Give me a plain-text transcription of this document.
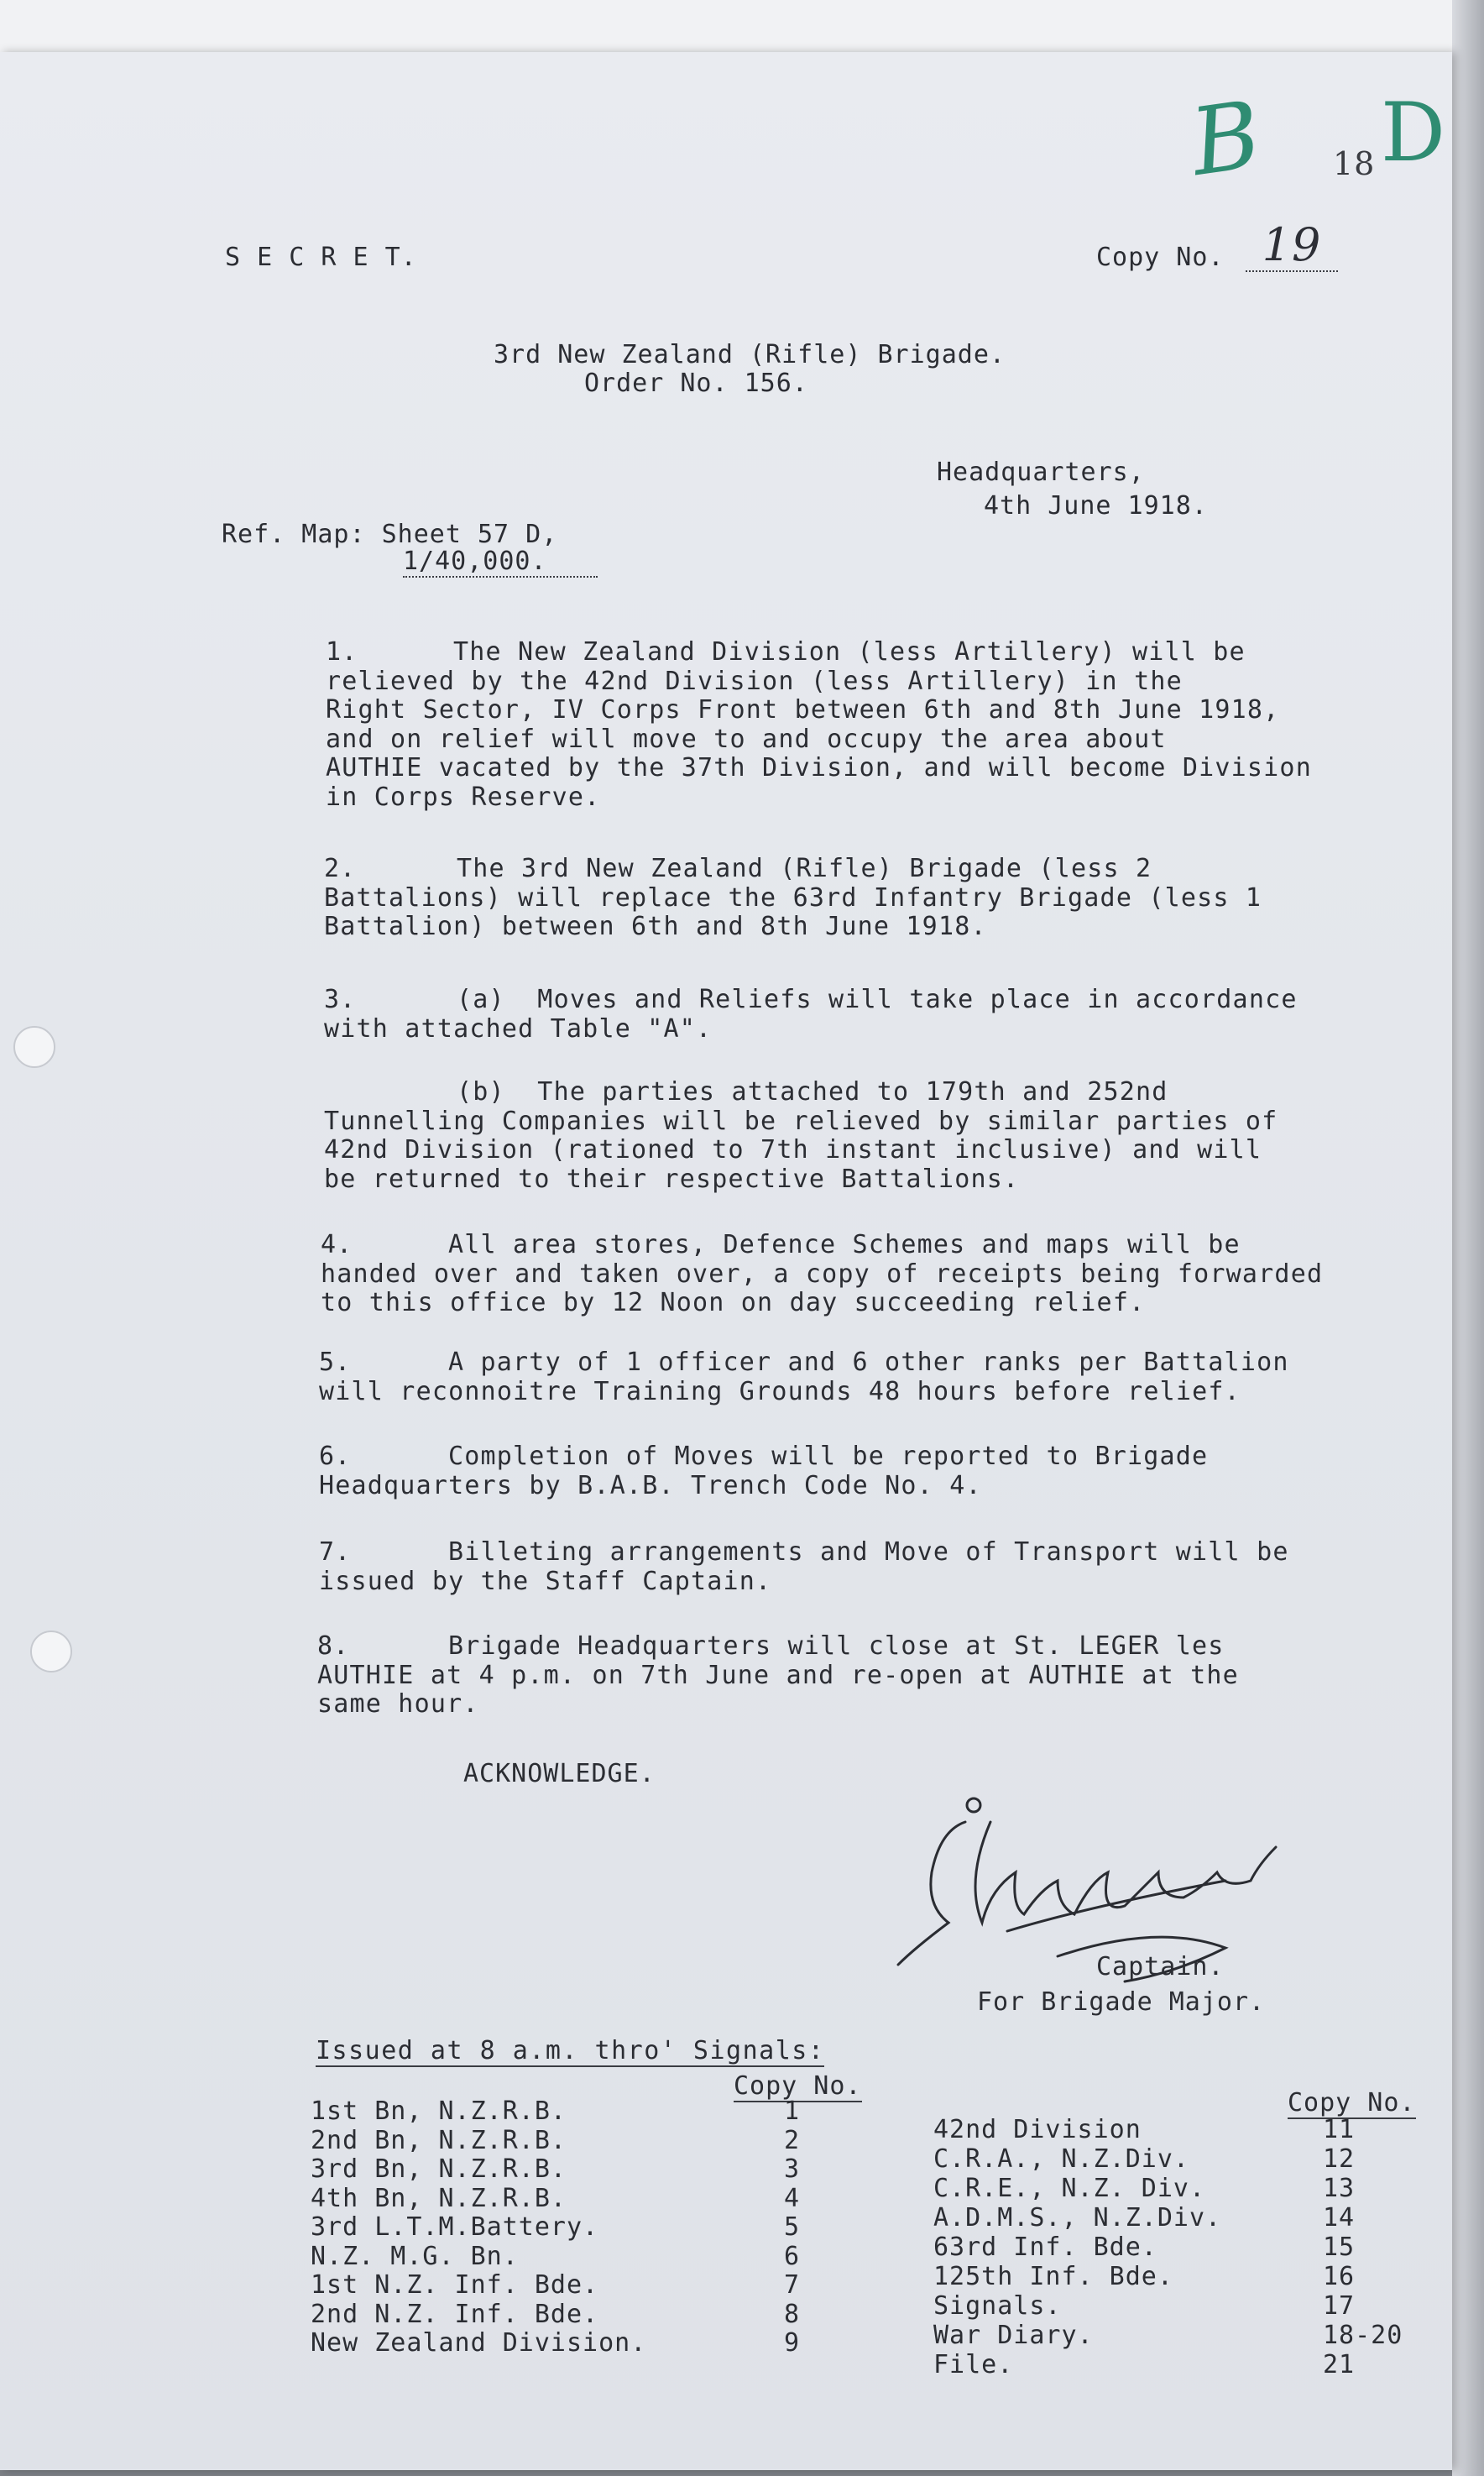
B 18 D
S E C R E T.	Copy No. 19
3rd New Zealand (Rifle) Brigade.
Order No. 156.
Headquarters,
4th June 1918.
Ref. Map: Sheet 57 D,
1/40,000.
1.	The New Zealand Division (less Artillery) will be
relieved by the 42nd Division (less Artillery) in the
Right Sector, IV Corps Front between 6th and 8th June 1918,
and on relief will move to and occupy the area about
AUTHIE vacated by the 37th Division, and will become Division
in Corps Reserve.
2.	The 3rd New Zealand (Rifle) Brigade (less 2
Battalions) will replace the 63rd Infantry Brigade (less 1
Battalion) between 6th and 8th June 1918.
3.	(a)  Moves and Reliefs will take place in accordance
with attached Table "A".
(b)  The parties attached to 179th and 252nd
Tunnelling Companies will be relieved by similar parties of
42nd Division (rationed to 7th instant inclusive) and will
be returned to their respective Battalions.
4.	All area stores, Defence Schemes and maps will be
handed over and taken over, a copy of receipts being forwarded
to this office by 12 Noon on day succeeding relief.
5.	A party of 1 officer and 6 other ranks per Battalion
will reconnoitre Training Grounds 48 hours before relief.
6.	Completion of Moves will be reported to Brigade
Headquarters by B.A.B. Trench Code No. 4.
7.	Billeting arrangements and Move of Transport will be
issued by the Staff Captain.
8.	Brigade Headquarters will close at St. LEGER les
AUTHIE at 4 p.m. on 7th June and re-open at AUTHIE at the
same hour.
ACKNOWLEDGE.
Captain.
For Brigade Major.
Issued at 8 a.m. thro' Signals:
Copy No.
Copy No.
1st Bn, N.Z.R.B.	1
2nd Bn, N.Z.R.B.	2
3rd Bn, N.Z.R.B.	3
4th Bn, N.Z.R.B.	4
3rd L.T.M.Battery.	5
N.Z. M.G. Bn.	6
1st N.Z. Inf. Bde.	7
2nd N.Z. Inf. Bde.	8
New Zealand Division.	9
42nd Division	11
C.R.A., N.Z.Div.	12
C.R.E., N.Z. Div.	13
A.D.M.S., N.Z.Div.	14
63rd Inf. Bde.	15
125th Inf. Bde.	16
Signals.	17
War Diary.	18-20
File.	21
